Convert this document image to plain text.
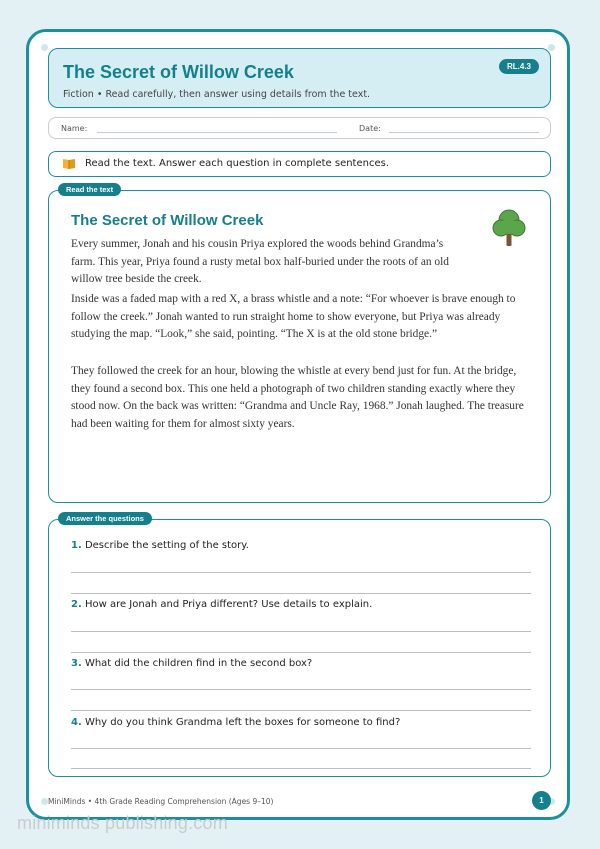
The Secret of Willow Creek
Fiction • Read carefully, then answer using details from the text.
RL.4.3
Name:	Date:
Read the text. Answer each question in complete sentences.
Read the text
The Secret of Willow Creek

Every summer, Jonah and his cousin Priya explored the woods behind Grandma’s farm. This year, Priya found a rusty metal box half-buried under the roots of an old willow tree beside the creek.

Inside was a faded map with a red X, a brass whistle and a note: “For whoever is brave enough to follow the creek.” Jonah wanted to run straight home to show everyone, but Priya was already studying the map. “Look,” she said, pointing. “The X is at the old stone bridge.”

They followed the creek for an hour, blowing the whistle at every bend just for fun. At the bridge, they found a second box. This one held a photograph of two children standing exactly where they stood now. On the back was written: “Grandma and Uncle Ray, 1968.” Jonah laughed. The treasure had been waiting for them for almost sixty years.

Answer the questions
1. Describe the setting of the story.
2. How are Jonah and Priya different? Use details to explain.
3. What did the children find in the second box?
4. Why do you think Grandma left the boxes for someone to find?
MiniMinds • 4th Grade Reading Comprehension (Ages 9–10)	1
miniminds publishing.com
